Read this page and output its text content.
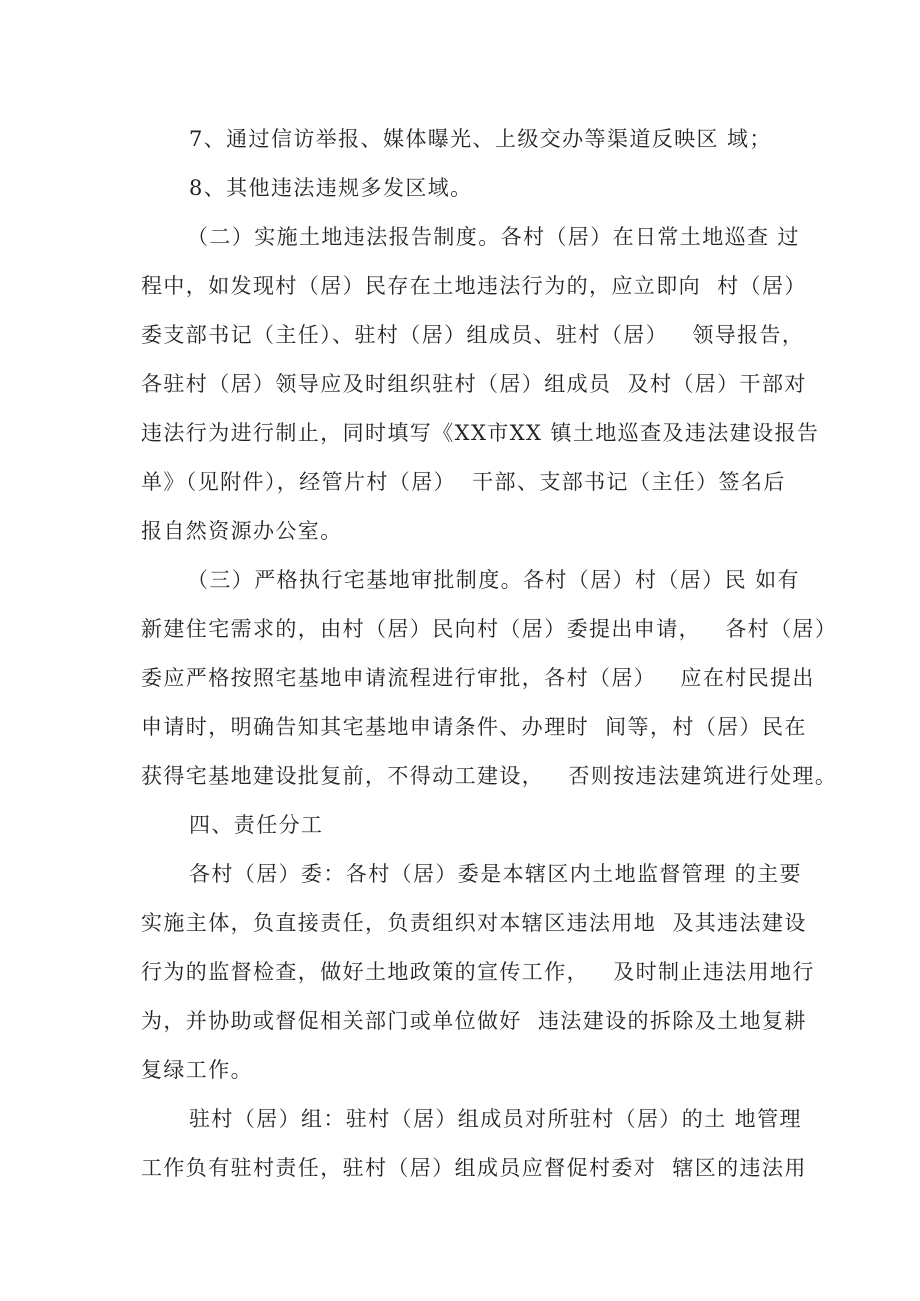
7、通过信访举报、媒体曝光、上级交办等渠道反映区 域；
8、其他违法违规多发区域。
（二）实施土地违法报告制度。各村（居）在日常土地巡查 过
程中，如发现村（居）民存在土地违法行为的，应立即向  村（居）
委支部书记（主任）、驻村（居）组成员、驻村（居）   领导报告，
各驻村（居）领导应及时组织驻村（居）组成员  及村（居）干部对
违法行为进行制止，同时填写《XX市XX 镇土地巡查及违法建设报告
单》（见附件），经管片村（居）  干部、支部书记（主任）签名后
报自然资源办公室。
（三）严格执行宅基地审批制度。各村（居）村（居）民 如有
新建住宅需求的，由村（居）民向村（居）委提出申请，   各村（居）
委应严格按照宅基地申请流程进行审批，各村（居）   应在村民提出
申请时，明确告知其宅基地申请条件、办理时  间等，村（居）民在
获得宅基地建设批复前，不得动工建设，   否则按违法建筑进行处理。
四、责任分工
各村（居）委：各村（居）委是本辖区内土地监督管理 的主要
实施主体，负直接责任，负责组织对本辖区违法用地  及其违法建设
行为的监督检查，做好土地政策的宣传工作，   及时制止违法用地行
为，并协助或督促相关部门或单位做好  违法建设的拆除及土地复耕
复绿工作。
驻村（居）组：驻村（居）组成员对所驻村（居）的土 地管理
工作负有驻村责任，驻村（居）组成员应督促村委对  辖区的违法用
